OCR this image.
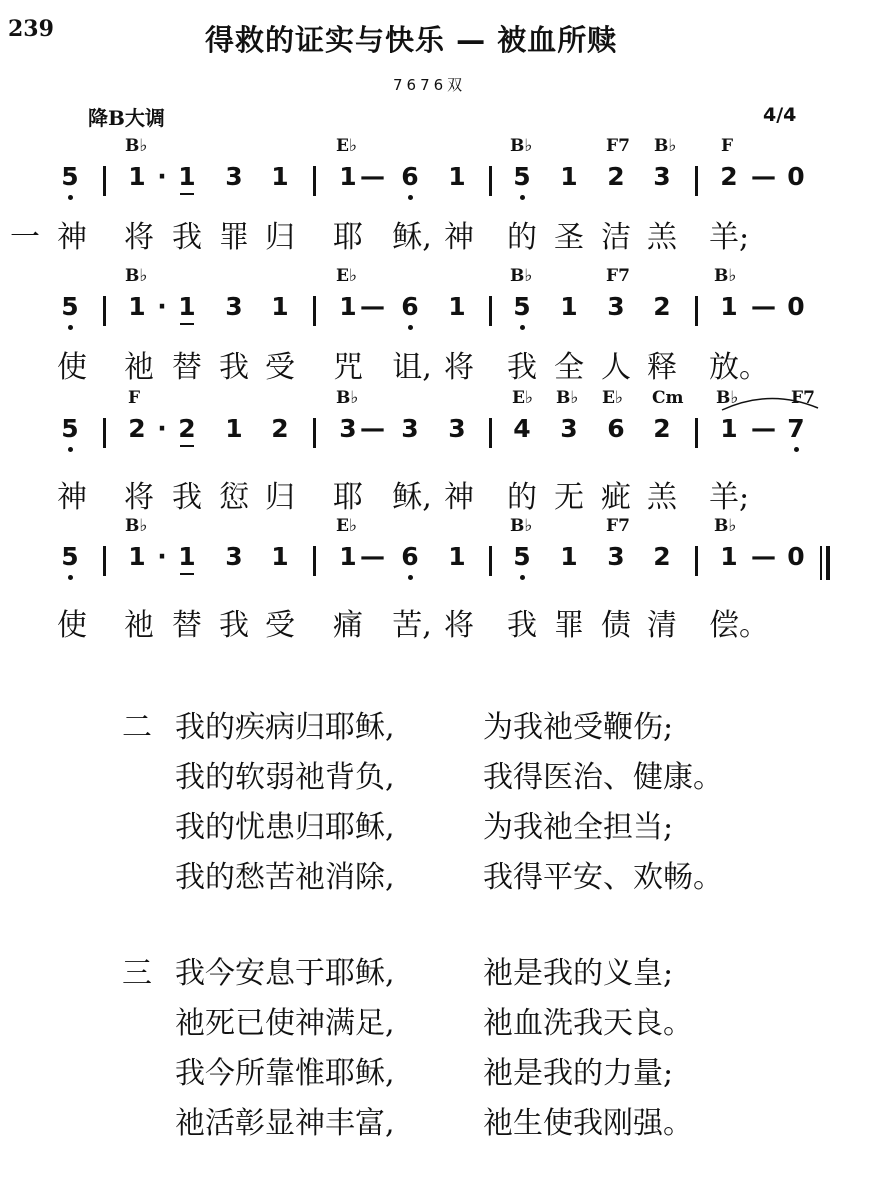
239	得救的证实与快乐 — 被血所赎
7676双
降B大调	4/4
B♭	E♭	B♭	F7 B♭	F
5 1 · 1 3 1 1 — 6 1 5 1 2 3 2 — 0
一 神 将 我 罪 归 耶 稣, 神 的 圣 洁 羔 羊;
B♭	E♭	B♭	F7	B♭
5 1 · 1 3 1 1 — 6 1 5 1 3 2 1 — 0
使 祂 替 我 受 咒 诅, 将 我 全 人 释 放。
F	B♭	E♭ B♭ E♭ Cm B♭	F7
5 2 · 2 1 2 3 — 3 3 4 3 6 2 1 — 7
神 将 我 愆 归 耶 稣, 神 的 无 疵 羔 羊;
B♭	E♭	B♭	F7	B♭
5 1 · 1 3 1 1 — 6 1 5 1 3 2 1 — 0
使 祂 替 我 受 痛 苦, 将 我 罪 债 清 偿。
二 我的疾病归耶稣,	为我祂受鞭伤;
我的软弱祂背负,	我得医治、健康。
我的忧患归耶稣,	为我祂全担当;
我的愁苦祂消除,	我得平安、欢畅。
三 我今安息于耶稣,	祂是我的义皇;
祂死已使神满足,	祂血洗我天良。
我今所靠惟耶稣,	祂是我的力量;
祂活彰显神丰富,	祂生使我刚强。
